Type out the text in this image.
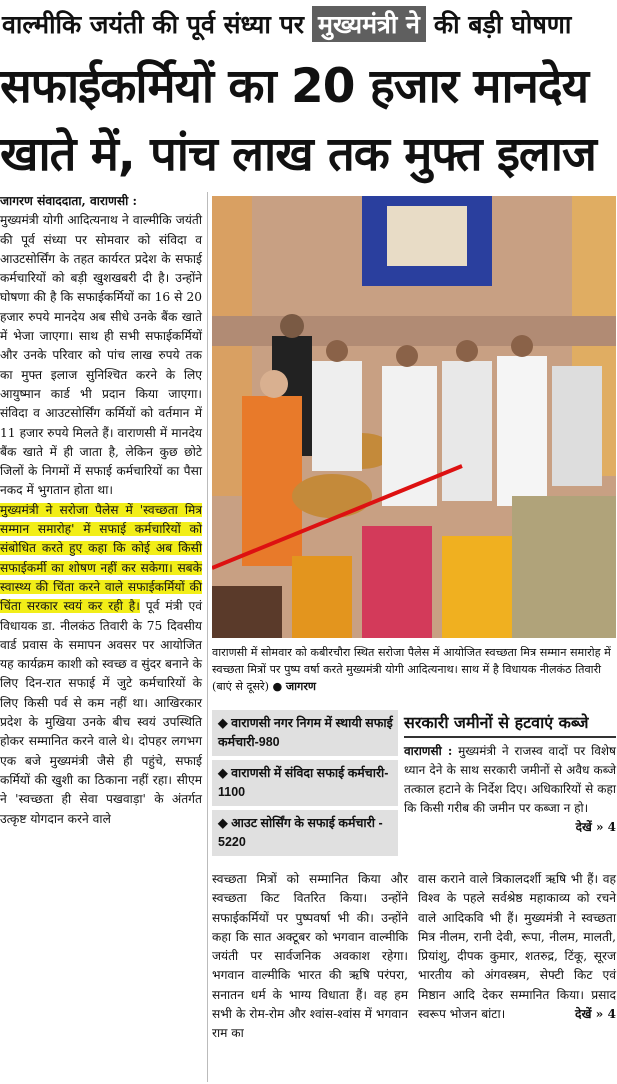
वाल्मीकि जयंती की पूर्व संध्या पर मुख्यमंत्री ने की बड़ी घोषणा
सफाईकर्मियों का 20 हजार मानदेय
खाते में, पांच लाख तक मुफ्त इलाज

जागरण संवाददाता, वाराणसी :
मुख्यमंत्री योगी आदित्यनाथ ने वाल्मीकि जयंती की पूर्व संध्या पर सोमवार को संविदा व आउटसोर्सिंग के तहत कार्यरत प्रदेश के सफाई कर्मचारियों को बड़ी खुशखबरी दी है। उन्होंने घोषणा की है कि सफाईकर्मियों का 16 से 20 हजार रुपये मानदेय अब सीधे उनके बैंक खाते में भेजा जाएगा। साथ ही सभी सफाईकर्मियों और उनके परिवार को पांच लाख रुपये तक का मुफ्त इलाज सुनिश्चित करने के लिए आयुष्मान कार्ड भी प्रदान किया जाएगा। संविदा व आउटसोर्सिंग कर्मियों को वर्तमान में 11 हजार रुपये मिलते हैं। वाराणसी में मानदेय बैंक खाते में ही जाता है, लेकिन कुछ छोटे जिलों के निगमों में सफाई कर्मचारियों का पैसा नकद में भुगतान होता था।

मुख्यमंत्री ने सरोजा पैलेस में 'स्वच्छता मित्र सम्मान समारोह' में सफाई कर्मचारियों को संबोधित करते हुए कहा कि कोई अब किसी सफाईकर्मी का शोषण नहीं कर सकेगा। सबके स्वास्थ्य की चिंता करने वाले सफाईकर्मियों की चिंता सरकार स्वयं कर रही है। पूर्व मंत्री एवं विधायक डा. नीलकंठ तिवारी के 75 दिवसीय वार्ड प्रवास के समापन अवसर पर आयोजित यह कार्यक्रम काशी को स्वच्छ व सुंदर बनाने के लिए दिन-रात सफाई में जुटे कर्मचारियों के लिए किसी पर्व से कम नहीं था। आखिरकार प्रदेश के मुखिया उनके बीच स्वयं उपस्थिति होकर सम्मानित करने वाले थे। दोपहर लगभग एक बजे मुख्यमंत्री जैसे ही पहुंचे, सफाई कर्मियों की खुशी का ठिकाना नहीं रहा। सीएम ने 'स्वच्छता ही सेवा पखवाड़ा' के अंतर्गत उत्कृष्ट योगदान करने वाले

वाराणसी में सोमवार को कबीरचौरा स्थित सरोजा पैलेस में आयोजित स्वच्छता मित्र सम्मान समारोह में स्वच्छता मित्रों पर पुष्प वर्षा करते मुख्यमंत्री योगी आदित्यनाथ। साथ में है विधायक नीलकंठ तिवारी (बाएं से दूसरे) ● जागरण
◆ वाराणसी नगर निगम में स्थायी सफाई कर्मचारी-980
◆ वाराणसी में संविदा सफाई कर्मचारी- 1100
◆ आउट सोर्सिंग के सफाई कर्मचारी - 5220
सरकारी जमीनों से हटवाएं कब्जे
वाराणसी : मुख्यमंत्री ने राजस्व वादों पर विशेष ध्यान देने के साथ सरकारी जमीनों से अवैध कब्जे तत्काल हटाने के निर्देश दिए। अधिकारियों से कहा कि किसी गरीब की जमीन पर कब्जा न हो।
देखें » 4
स्वच्छता मित्रों को सम्मानित किया और स्वच्छता किट वितरित किया। उन्होंने सफाईकर्मियों पर पुष्पवर्षा भी की। उन्होंने कहा कि सात अक्टूबर को भगवान वाल्मीकि जयंती पर सार्वजनिक अवकाश रहेगा। भगवान वाल्मीकि भारत की ऋषि परंपरा, सनातन धर्म के भाग्य विधाता हैं। वह हम सभी के रोम-रोम और श्वांस-श्वांस में भगवान राम का
वास कराने वाले त्रिकालदर्शी ऋषि भी हैं। वह विश्व के पहले सर्वश्रेष्ठ महाकाव्य को रचने वाले आदिकवि भी हैं। मुख्यमंत्री ने स्वच्छता मित्र नीलम, रानी देवी, रूपा, नीलम, मालती, प्रियांशु, दीपक कुमार, शतरुद्र, टिंकू, सूरज भारतीय को अंगवस्त्रम, सेफ्टी किट एवं मिष्ठान आदि देकर सम्मानित किया। प्रसाद स्वरूप भोजन बांटा।	देखें » 4
